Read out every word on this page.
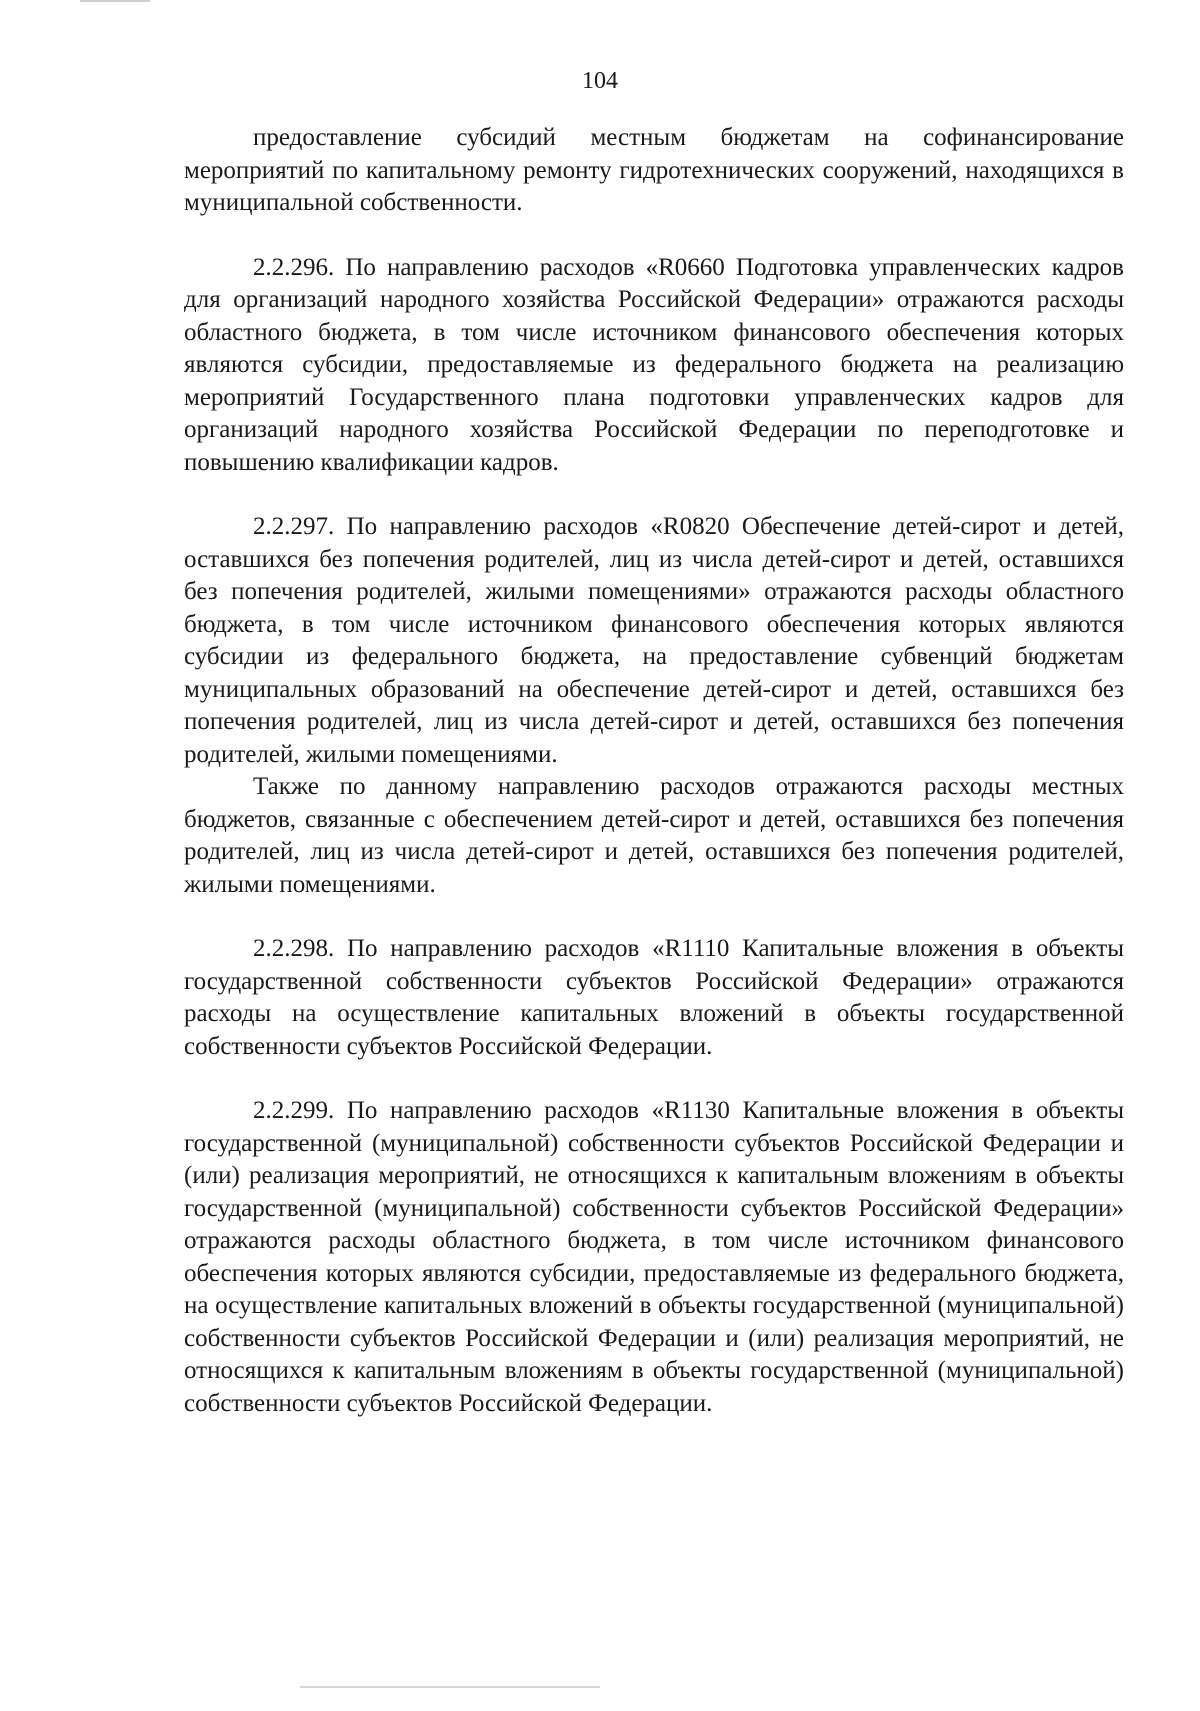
104

предоставление субсидий местным бюджетам на софинансирование мероприятий по капитальному ремонту гидротехнических сооружений, находящихся в муниципальной собственности.

2.2.296. По направлению расходов «R0660 Подготовка управленческих кадров для организаций народного хозяйства Российской Федерации» отражаются расходы областного бюджета, в том числе источником финансового обеспечения которых являются субсидии, предоставляемые из федерального бюджета на реализацию мероприятий Государственного плана подготовки управленческих кадров для организаций народного хозяйства Российской Федерации по переподготовке и повышению квалификации кадров.

2.2.297. По направлению расходов «R0820 Обеспечение детей-сирот и детей, оставшихся без попечения родителей, лиц из числа детей-сирот и детей, оставшихся без попечения родителей, жилыми помещениями» отражаются расходы областного бюджета, в том числе источником финансового обеспечения которых являются субсидии из федерального бюджета, на предоставление субвенций бюджетам муниципальных образований на обеспечение детей-сирот и детей, оставшихся без попечения родителей, лиц из числа детей-сирот и детей, оставшихся без попечения родителей, жилыми помещениями.

Также по данному направлению расходов отражаются расходы местных бюджетов, связанные с обеспечением детей-сирот и детей, оставшихся без попечения родителей, лиц из числа детей-сирот и детей, оставшихся без попечения родителей, жилыми помещениями.

2.2.298. По направлению расходов «R1110 Капитальные вложения в объекты государственной собственности субъектов Российской Федерации» отражаются расходы на осуществление капитальных вложений в объекты государственной собственности субъектов Российской Федерации.

2.2.299. По направлению расходов «R1130 Капитальные вложения в объекты государственной (муниципальной) собственности субъектов Российской Федерации и (или) реализация мероприятий, не относящихся к капитальным вложениям в объекты государственной (муниципальной) собственности субъектов Российской Федерации» отражаются расходы областного бюджета, в том числе источником финансового обеспечения которых являются субсидии, предоставляемые из федерального бюджета, на осуществление капитальных вложений в объекты государственной (муниципальной) собственности субъектов Российской Федерации и (или) реализация мероприятий, не относящихся к капитальным вложениям в объекты государственной (муниципальной) собственности субъектов Российской Федерации.
